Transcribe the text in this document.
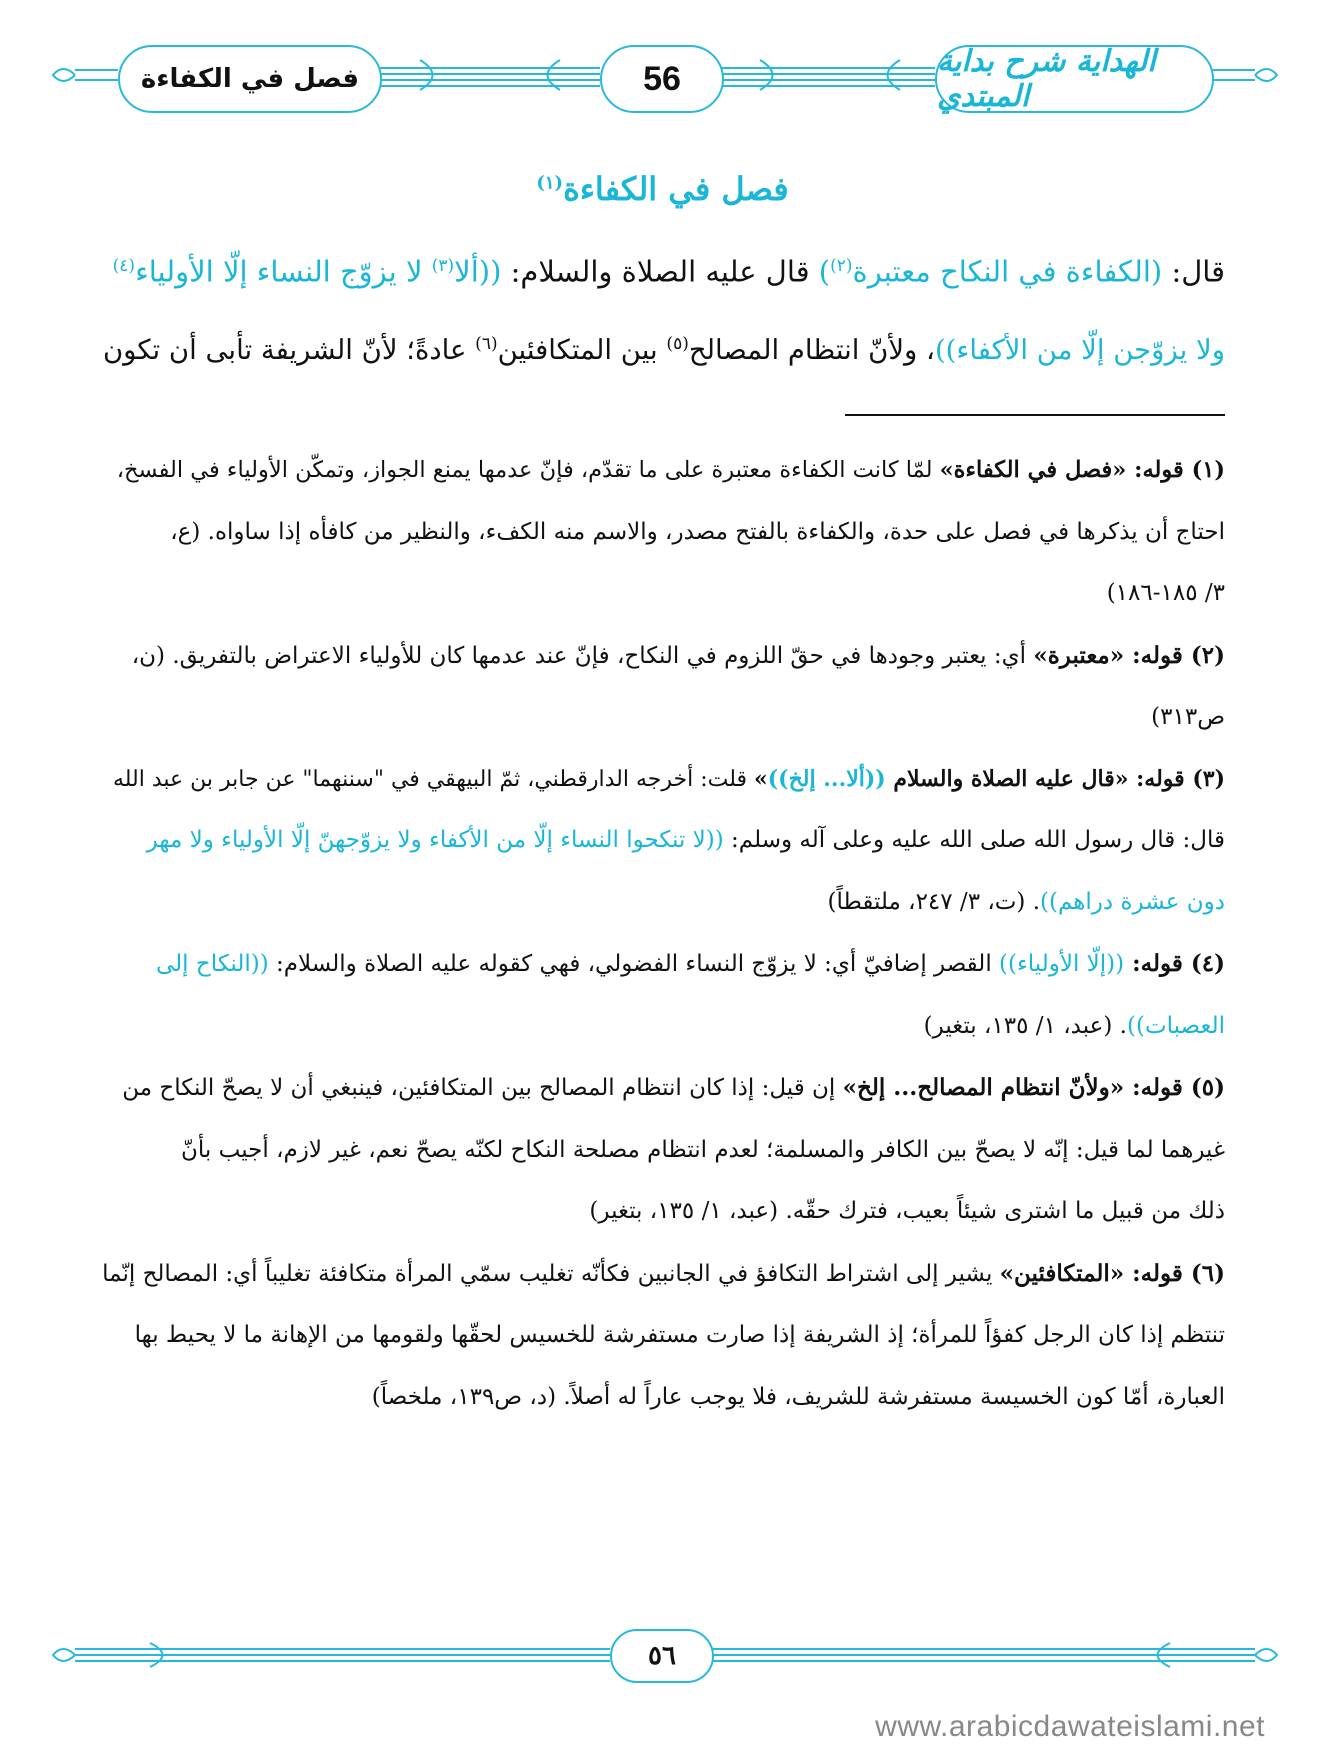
الهداية شرح بداية المبتدي
56
فصل في الكفاءة
فصل في الكفاءة$^{(١)}$

قال: (الكفاءة في النكاح معتبرة$^{(٢)}$) قال عليه الصلاة والسلام: ((ألا$^{(٣)}$ لا يزوّج النساء إلّا الأولياء$^{(٤)}$

ولا يزوّجن إلّا من الأكفاء))، ولأنّ انتظام المصالح$^{(٥)}$ بين المتكافئين$^{(٦)}$ عادةً؛ لأنّ الشريفة تأبى أن تكون

(١) قوله: «فصل في الكفاءة» لمّا كانت الكفاءة معتبرة على ما تقدّم، فإنّ عدمها يمنع الجواز، وتمكّن الأولياء في الفسخ،

احتاج أن يذكرها في فصل على حدة، والكفاءة بالفتح مصدر، والاسم منه الكفء، والنظير من كافأه إذا ساواه. (ع،

٣/ ١٨٥-١٨٦)

(٢) قوله: «معتبرة» أي: يعتبر وجودها في حقّ اللزوم في النكاح، فإنّ عند عدمها كان للأولياء الاعتراض بالتفريق. (ن،

ص٣١٣)

(٣) قوله: «قال عليه الصلاة والسلام ((ألا... إلخ))» قلت: أخرجه الدارقطني، ثمّ البيهقي في "سننهما" عن جابر بن عبد الله

قال: قال رسول الله صلى الله عليه وعلى آله وسلم: ((لا تنكحوا النساء إلّا من الأكفاء ولا يزوّجهنّ إلّا الأولياء ولا مهر

دون عشرة دراهم)). (ت، ٣/ ٢٤٧، ملتقطاً)

(٤) قوله: ((إلّا الأولياء)) القصر إضافيّ أي: لا يزوّج النساء الفضولي، فهي كقوله عليه الصلاة والسلام: ((النكاح إلى

العصبات)). (عبد، ١/ ١٣٥، بتغير)

(٥) قوله: «ولأنّ انتظام المصالح... إلخ» إن قيل: إذا كان انتظام المصالح بين المتكافئين، فينبغي أن لا يصحّ النكاح من

غيرهما لما قيل: إنّه لا يصحّ بين الكافر والمسلمة؛ لعدم انتظام مصلحة النكاح لكنّه يصحّ نعم، غير لازم، أجيب بأنّ

ذلك من قبيل ما اشترى شيئاً بعيب، فترك حقّه. (عبد، ١/ ١٣٥، بتغير)

(٦) قوله: «المتكافئين» يشير إلى اشتراط التكافؤ في الجانبين فكأنّه تغليب سمّي المرأة متكافئة تغليباً أي: المصالح إنّما

تنتظم إذا كان الرجل كفؤاً للمرأة؛ إذ الشريفة إذا صارت مستفرشة للخسيس لحقّها ولقومها من الإهانة ما لا يحيط بها

العبارة، أمّا كون الخسيسة مستفرشة للشريف، فلا يوجب عاراً له أصلاً. (د، ص١٣٩، ملخصاً)

٥٦
www.arabicdawateislami.net
